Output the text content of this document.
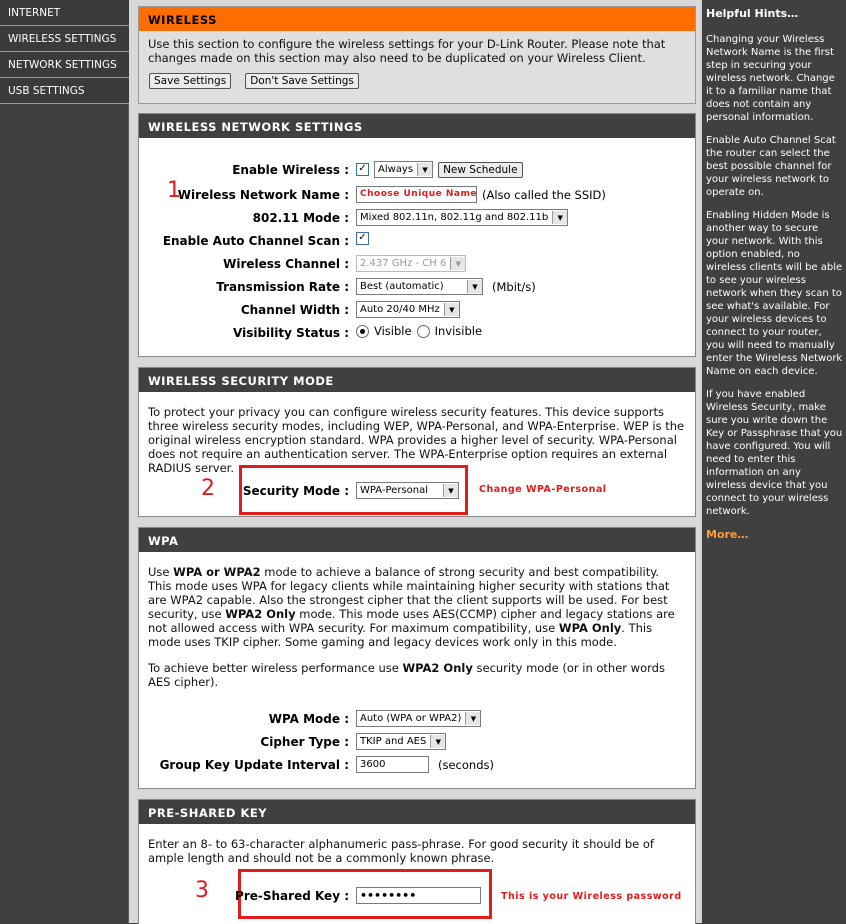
INTERNET
WIRELESS SETTINGS
NETWORK SETTINGS
USB SETTINGS
WIRELESS
Use this section to configure the wireless settings for your D-Link Router. Please note that changes made on this section may also need to be duplicated on your Wireless Client.
Save Settings	Don't Save Settings
WIRELESS NETWORK SETTINGS
Enable Wireless : ✓ Always	▼	New Schedule
1
Wireless Network Name :	Choose Unique Name (Also called the SSID)
802.11 Mode : Mixed 802.11n, 802.11g and 802.11b	▼
Enable Auto Channel Scan : ✓
Wireless Channel : 2.437 GHz - CH 6	▼
Transmission Rate : Best (automatic)	▼	(Mbit/s)
Channel Width : Auto 20/40 MHz	▼
Visibility Status : Visible Invisible
WIRELESS SECURITY MODE
To protect your privacy you can configure wireless security features. This device supports three wireless security modes, including WEP, WPA-Personal, and WPA-Enterprise. WEP is the original wireless encryption standard. WPA provides a higher level of security. WPA-Personal does not require an authentication server. The WPA-Enterprise option requires an external RADIUS server.
2 Security Mode : WPA-Personal	▼	Change WPA-Personal
WPA
Use WPA or WPA2 mode to achieve a balance of strong security and best compatibility. This mode uses WPA for legacy clients while maintaining higher security with stations that are WPA2 capable. Also the strongest cipher that the client supports will be used. For best security, use WPA2 Only mode. This mode uses AES(CCMP) cipher and legacy stations are not allowed access with WPA security. For maximum compatibility, use WPA Only. This mode uses TKIP cipher. Some gaming and legacy devices work only in this mode.
To achieve better wireless performance use WPA2 Only security mode (or in other words AES cipher).
WPA Mode : Auto (WPA or WPA2)	▼
Cipher Type : TKIP and AES	▼
Group Key Update Interval :	3600	(seconds)
PRE-SHARED KEY
Enter an 8- to 63-character alphanumeric pass-phrase. For good security it should be of ample length and should not be a commonly known phrase.
3 Pre-Shared Key :	••••••••	This is your Wireless password
Helpful Hints…

Changing your Wireless Network Name is the first step in securing your wireless network. Change it to a familiar name that does not contain any personal information.

Enable Auto Channel Scat the router can select the best possible channel for your wireless network to operate on.

Enabling Hidden Mode is another way to secure your network. With this option enabled, no wireless clients will be able to see your wireless network when they scan to see what's available. For your wireless devices to connect to your router, you will need to manually enter the Wireless Network Name on each device.

If you have enabled Wireless Security, make sure you write down the Key or Passphrase that you have configured. You will need to enter this information on any wireless device that you connect to your wireless network.

More…
